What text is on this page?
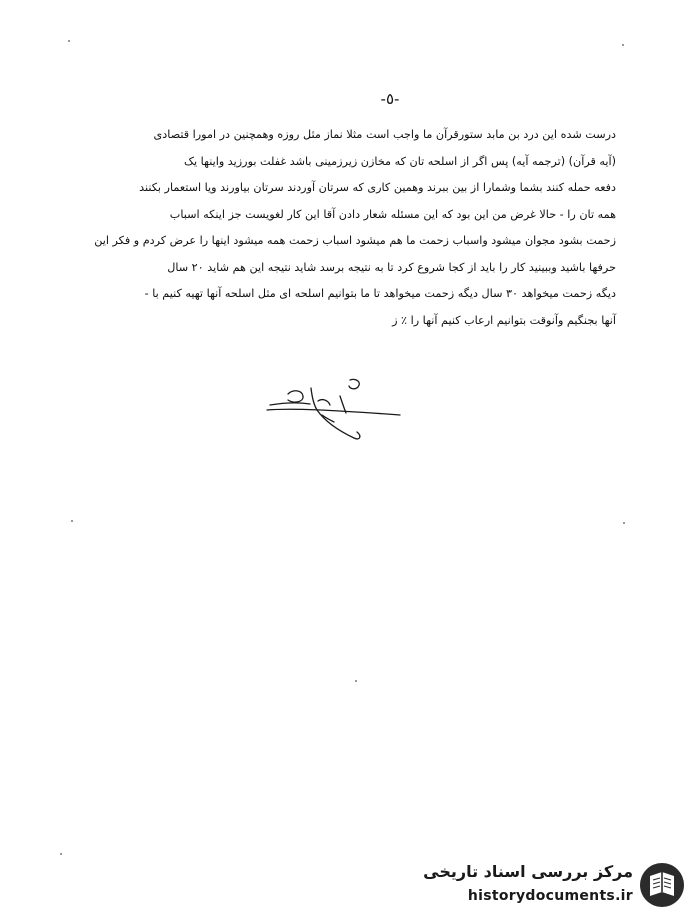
-٥-
درست شده این درد بن مابد ستورقرآن ما واجب است مثلا نماز مثل روزه وهمچنین در امورا قتصادی
(آیه قرآن) (ترجمه آیه) پس اگر از اسلحه تان که مخازن زیرزمینی باشد غفلت بورزید واینها یک
دفعه حمله کنند بشما وشمارا از بین ببرند وهمین کاری که سرتان آوردند سرتان بیاورند ویا استعمار بکنند
همه تان را - حالا غرض من این بود که این مسئله شعار دادن آقا این کار لغویست جز اینکه اسباب
زحمت بشود مجوان میشود واسباب زحمت ما هم میشود اسباب زحمت همه میشود اینها را عرض کردم و فکر این
حرفها باشید وببینید کار را باید از کجا شروع کرد تا به نتیجه برسد شاید نتیجه این هم شاید ۲۰ سال
دیگه زحمت میخواهد ۳۰ سال دیگه زحمت میخواهد تا ما بتوانیم اسلحه ای مثل اسلحه آنها تهیه کنیم با -
آنها بجنگیم وآنوقت بتوانیم ارعاب کنیم آنها را ٪ ز
مرکز بررسی اسناد تاریخی
historydocuments.ir
